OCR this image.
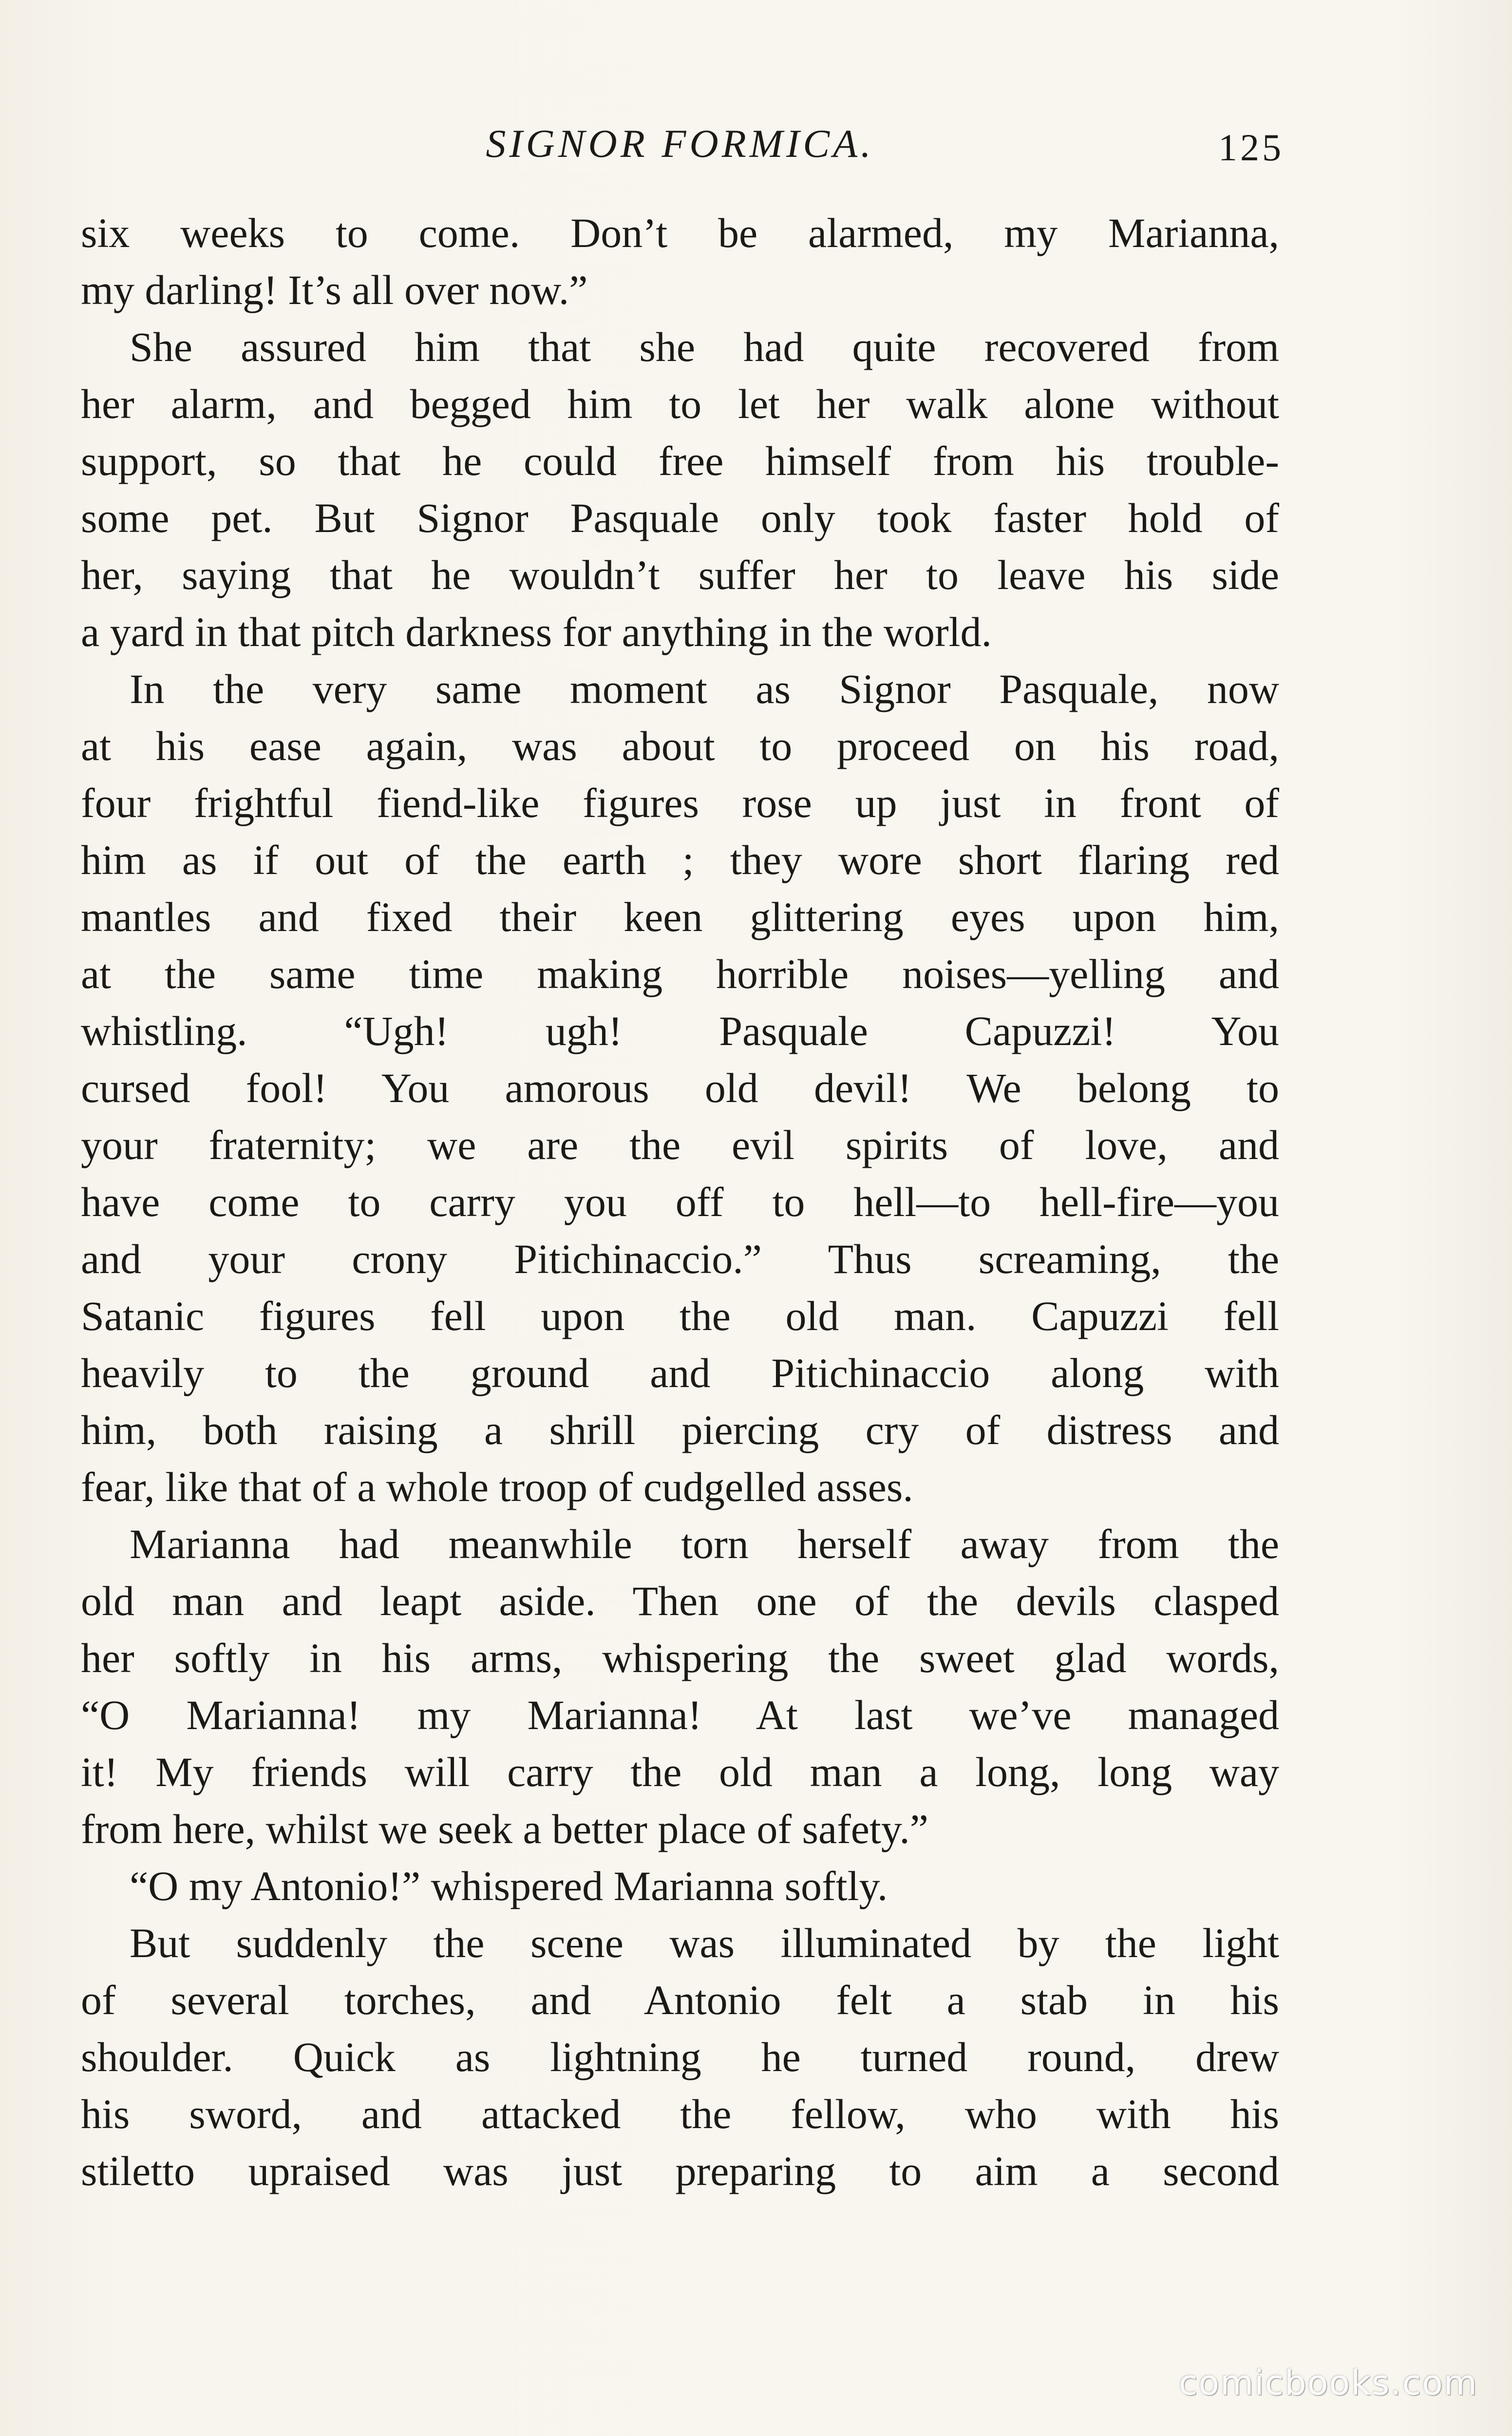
SIGNOR FORMICA.	125
six weeks to come. Don’t be alarmed, my Marianna,
my darling! It’s all over now.”
She assured him that she had quite recovered from
her alarm, and begged him to let her walk alone without
support, so that he could free himself from his trouble-
some pet. But Signor Pasquale only took faster hold of
her, saying that he wouldn’t suffer her to leave his side
a yard in that pitch darkness for anything in the world.
In the very same moment as Signor Pasquale, now
at his ease again, was about to proceed on his road,
four frightful fiend-like figures rose up just in front of
him as if out of the earth ; they wore short flaring red
mantles and fixed their keen glittering eyes upon him,
at the same time making horrible noises—yelling and
whistling. “Ugh! ugh! Pasquale Capuzzi! You
cursed fool! You amorous old devil! We belong to
your fraternity; we are the evil spirits of love, and
have come to carry you off to hell—to hell-fire—you
and your crony Pitichinaccio.” Thus screaming, the
Satanic figures fell upon the old man. Capuzzi fell
heavily to the ground and Pitichinaccio along with
him, both raising a shrill piercing cry of distress and
fear, like that of a whole troop of cudgelled asses.
Marianna had meanwhile torn herself away from the
old man and leapt aside. Then one of the devils clasped
her softly in his arms, whispering the sweet glad words,
“O Marianna! my Marianna! At last we’ve managed
it! My friends will carry the old man a long, long way
from here, whilst we seek a better place of safety.”
“O my Antonio!” whispered Marianna softly.
But suddenly the scene was illuminated by the light
of several torches, and Antonio felt a stab in his
shoulder. Quick as lightning he turned round, drew
his sword, and attacked the fellow, who with his
stiletto upraised was just preparing to aim a second
comicbooks.com
